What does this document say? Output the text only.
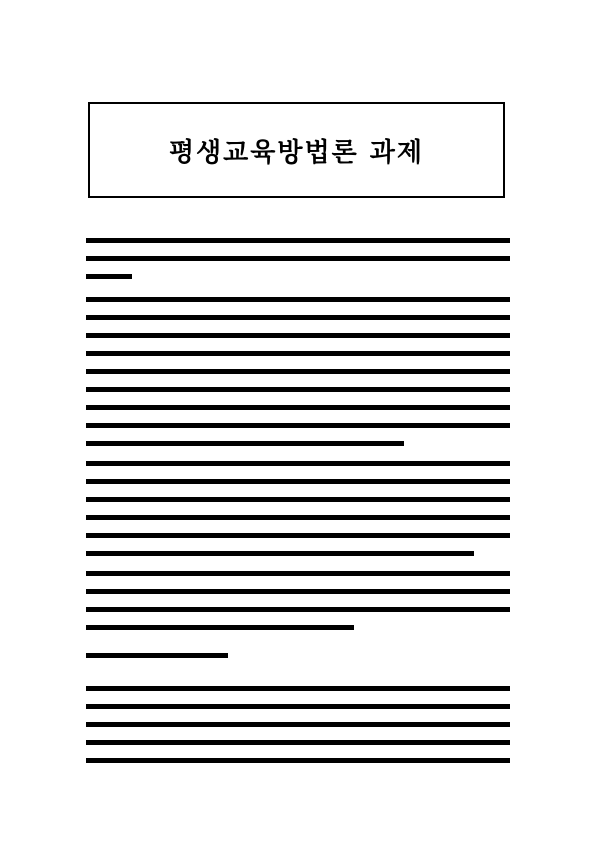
평생교육방법론 과제
